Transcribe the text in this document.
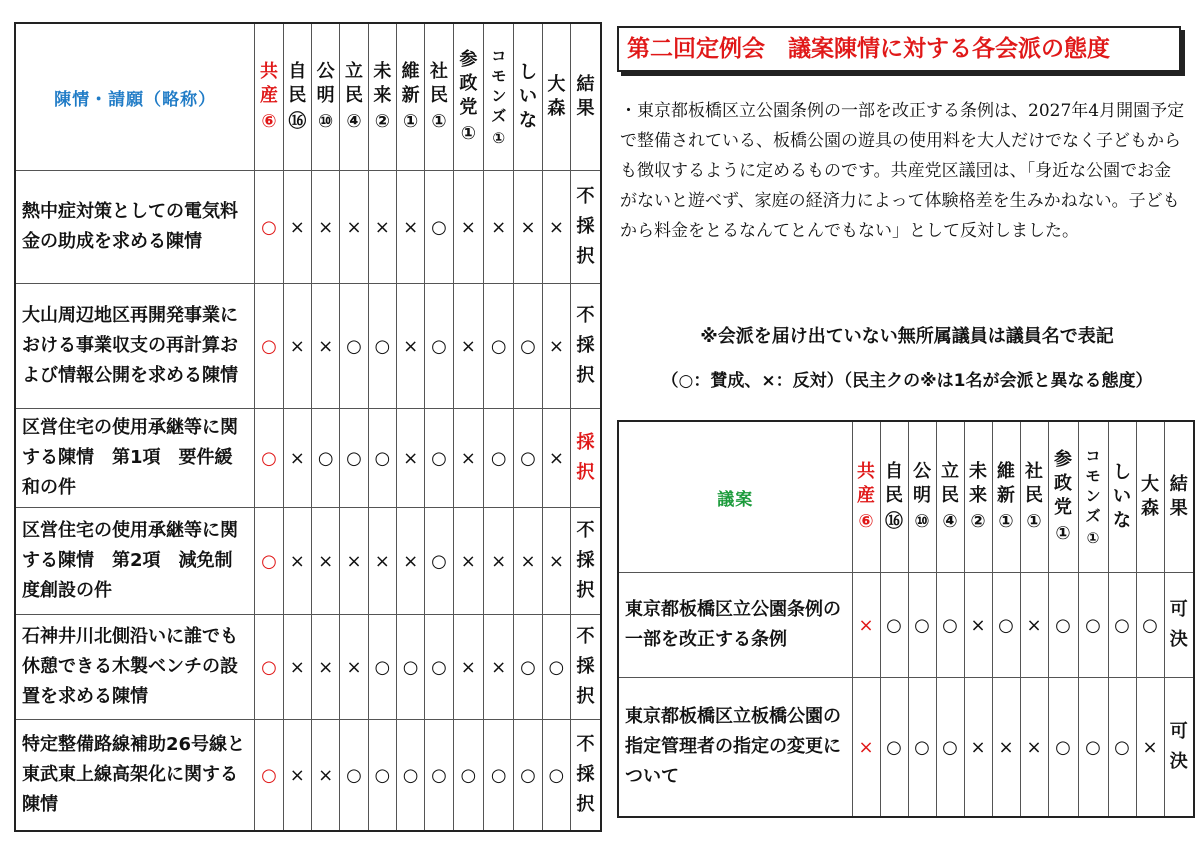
陳情・請願（略称）	共
産
⑥	自
民
⑯	公
明
⑩	立
民
④	未
来
②	維
新
①	社
民
①	参
政
党
①	コ
モ
ン
ズ
①	し
い
な	大
森	結
果

熱中症対策としての電気料金の助成を求める陳情	○	×	×	×	×	×	○	×	×	×	×	不
採
択

大山周辺地区再開発事業における事業収支の再計算および情報公開を求める陳情	○	×	×	○	○	×	○	×	○	○	×	不
採
択

区営住宅の使用承継等に関する陳情　第1項　要件緩和の件	○	×	○	○	○	×	○	×	○	○	×	採
択

区営住宅の使用承継等に関する陳情　第2項　減免制度創設の件	○	×	×	×	×	×	○	×	×	×	×	不
採
択

石神井川北側沿いに誰でも休憩できる木製ベンチの設置を求める陳情	○	×	×	×	○	○	○	×	×	○	○	不
採
択

特定整備路線補助26号線と東武東上線高架化に関する陳情	○	×	×	○	○	○	○	○	○	○	○	不
採
択
第二回定例会　議案陳情に対する各会派の態度
・東京都板橋区立公園条例の一部を改正する条例は、2027年4月開園予定で整備されている、板橋公園の遊具の使用料を大人だけでなく子どもからも徴収するように定めるものです。共産党区議団は、「身近な公園でお金がないと遊べず、家庭の経済力によって体験格差を生みかねない。子どもから料金をとるなんてとんでもない」として反対しました。
※会派を届け出ていない無所属議員は議員名で表記
（○：賛成、×：反対）（民主クの※は1名が会派と異なる態度）
議案	共
産
⑥	自
民
⑯	公
明
⑩	立
民
④	未
来
②	維
新
①	社
民
①	参
政
党
①	コ
モ
ン
ズ
①	し
い
な	大
森	結
果

東京都板橋区立公園条例の一部を改正する条例	×	○	○	○	×	○	×	○	○	○	○	可
決

東京都板橋区立板橋公園の指定管理者の指定の変更について	×	○	○	○	×	×	×	○	○	○	×	可
決
